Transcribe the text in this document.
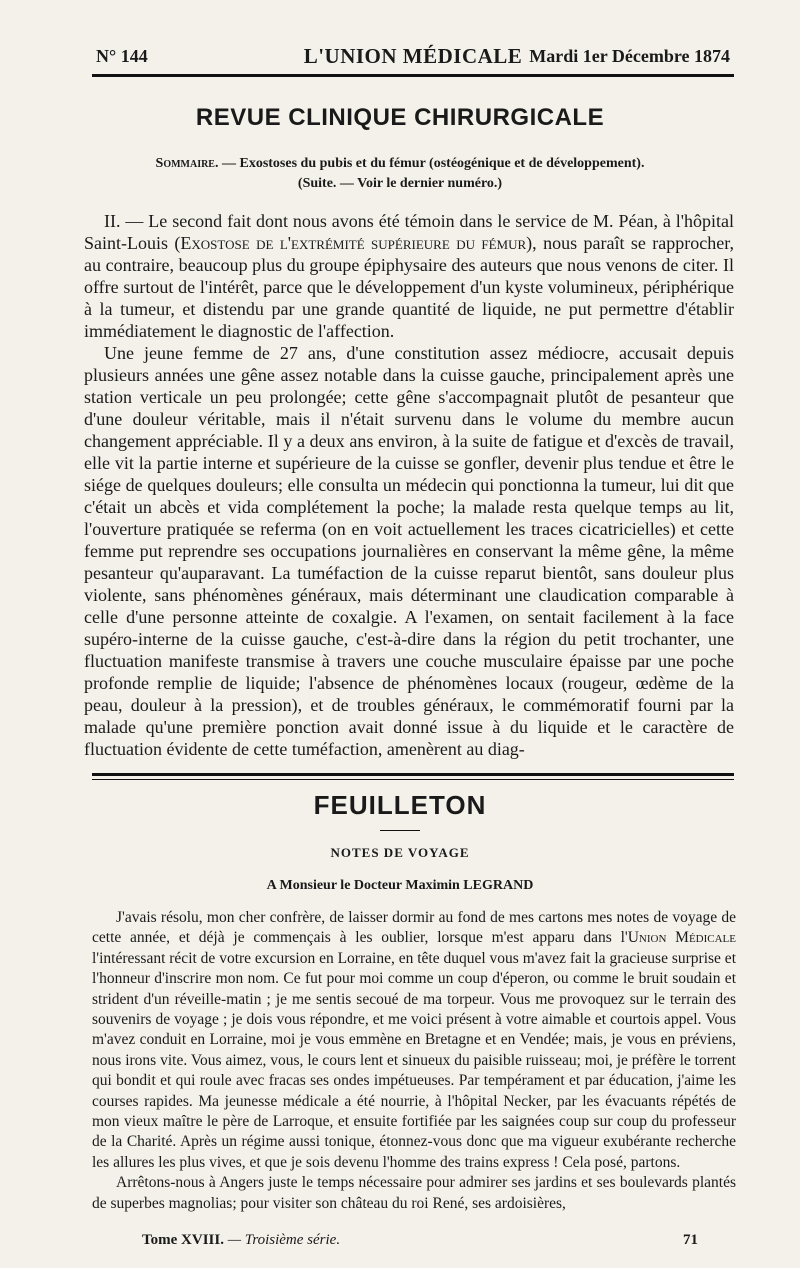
N° 144	L'UNION MÉDICALE Mardi 1er Décembre 1874
REVUE CLINIQUE CHIRURGICALE
Sommaire. — Exostoses du pubis et du fémur (ostéogénique et de développement).
(Suite. — Voir le dernier numéro.)

II. — Le second fait dont nous avons été témoin dans le service de M. Péan, à l'hôpital Saint-Louis (Exostose de l'extrémité supérieure du fémur), nous paraît se rapprocher, au contraire, beaucoup plus du groupe épiphysaire des auteurs que nous venons de citer. Il offre surtout de l'intérêt, parce que le développement d'un kyste volumineux, périphérique à la tumeur, et distendu par une grande quantité de liquide, ne put permettre d'établir immédiatement le diagnostic de l'affection.

Une jeune femme de 27 ans, d'une constitution assez médiocre, accusait depuis plusieurs années une gêne assez notable dans la cuisse gauche, principalement après une station verticale un peu prolongée; cette gêne s'accompagnait plutôt de pesanteur que d'une douleur véritable, mais il n'était survenu dans le volume du membre aucun changement appréciable. Il y a deux ans environ, à la suite de fatigue et d'excès de travail, elle vit la partie interne et supérieure de la cuisse se gonfler, devenir plus tendue et être le siége de quelques douleurs; elle consulta un médecin qui ponctionna la tumeur, lui dit que c'était un abcès et vida complétement la poche; la malade resta quelque temps au lit, l'ouverture pratiquée se referma (on en voit actuellement les traces cicatricielles) et cette femme put reprendre ses occupations journalières en conservant la même gêne, la même pesanteur qu'auparavant. La tuméfaction de la cuisse reparut bientôt, sans douleur plus violente, sans phénomènes généraux, mais déterminant une claudication comparable à celle d'une personne atteinte de coxalgie. A l'examen, on sentait facilement à la face supéro-interne de la cuisse gauche, c'est-à-dire dans la région du petit trochanter, une fluctuation manifeste transmise à travers une couche musculaire épaisse par une poche profonde remplie de liquide; l'absence de phénomènes locaux (rougeur, œdème de la peau, douleur à la pression), et de troubles généraux, le commémoratif fourni par la malade qu'une première ponction avait donné issue à du liquide et le caractère de fluctuation évidente de cette tuméfaction, amenèrent au diag-

FEUILLETON
NOTES DE VOYAGE
A Monsieur le Docteur Maximin LEGRAND

J'avais résolu, mon cher confrère, de laisser dormir au fond de mes cartons mes notes de voyage de cette année, et déjà je commençais à les oublier, lorsque m'est apparu dans l'Union Médicale l'intéressant récit de votre excursion en Lorraine, en tête duquel vous m'avez fait la gracieuse surprise et l'honneur d'inscrire mon nom. Ce fut pour moi comme un coup d'éperon, ou comme le bruit soudain et strident d'un réveille-matin ; je me sentis secoué de ma torpeur. Vous me provoquez sur le terrain des souvenirs de voyage ; je dois vous répondre, et me voici présent à votre aimable et courtois appel. Vous m'avez conduit en Lorraine, moi je vous emmène en Bretagne et en Vendée; mais, je vous en préviens, nous irons vite. Vous aimez, vous, le cours lent et sinueux du paisible ruisseau; moi, je préfère le torrent qui bondit et qui roule avec fracas ses ondes impétueuses. Par tempérament et par éducation, j'aime les courses rapides. Ma jeunesse médicale a été nourrie, à l'hôpital Necker, par les évacuants répétés de mon vieux maître le père de Larroque, et ensuite fortifiée par les saignées coup sur coup du professeur de la Charité. Après un régime aussi tonique, étonnez-vous donc que ma vigueur exubérante recherche les allures les plus vives, et que je sois devenu l'homme des trains express ! Cela posé, partons.

Arrêtons-nous à Angers juste le temps nécessaire pour admirer ses jardins et ses boulevards plantés de superbes magnolias; pour visiter son château du roi René, ses ardoisières,

Tome XVIII. — Troisième série.	71
